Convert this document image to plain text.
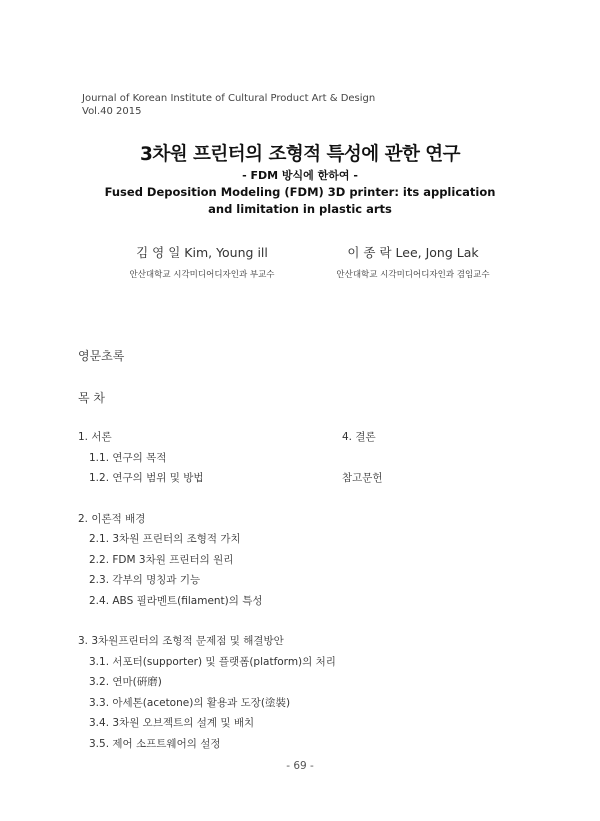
Journal of Korean Institute of Cultural Product Art & Design
Vol.40 2015
3차원 프린터의 조형적 특성에 관한 연구
- FDM 방식에 한하여 -
Fused Deposition Modeling (FDM) 3D printer: its application
and limitation in plastic arts
김 영 일 Kim, Young ill
안산대학교 시각미디어디자인과 부교수
이 종 락 Lee, Jong Lak
안산대학교 시각미디어디자인과 겸임교수
영문초록
목 차
1. 서론
1.1. 연구의 목적
1.2. 연구의 범위 및 방법
2. 이론적 배경
2.1. 3차원 프린터의 조형적 가치
2.2. FDM 3차원 프린터의 원리
2.3. 각부의 명칭과 기능
2.4. ABS 필라멘트(filament)의 특성
3. 3차원프린터의 조형적 문제점 및 해결방안
3.1. 서포터(supporter) 및 플랫폼(platform)의 처리
3.2. 연마(硏磨)
3.3. 아세톤(acetone)의 활용과 도장(塗裝)
3.4. 3차원 오브젝트의 설계 및 배치
3.5. 제어 소프트웨어의 설정
4. 결론
참고문헌
- 69 -
